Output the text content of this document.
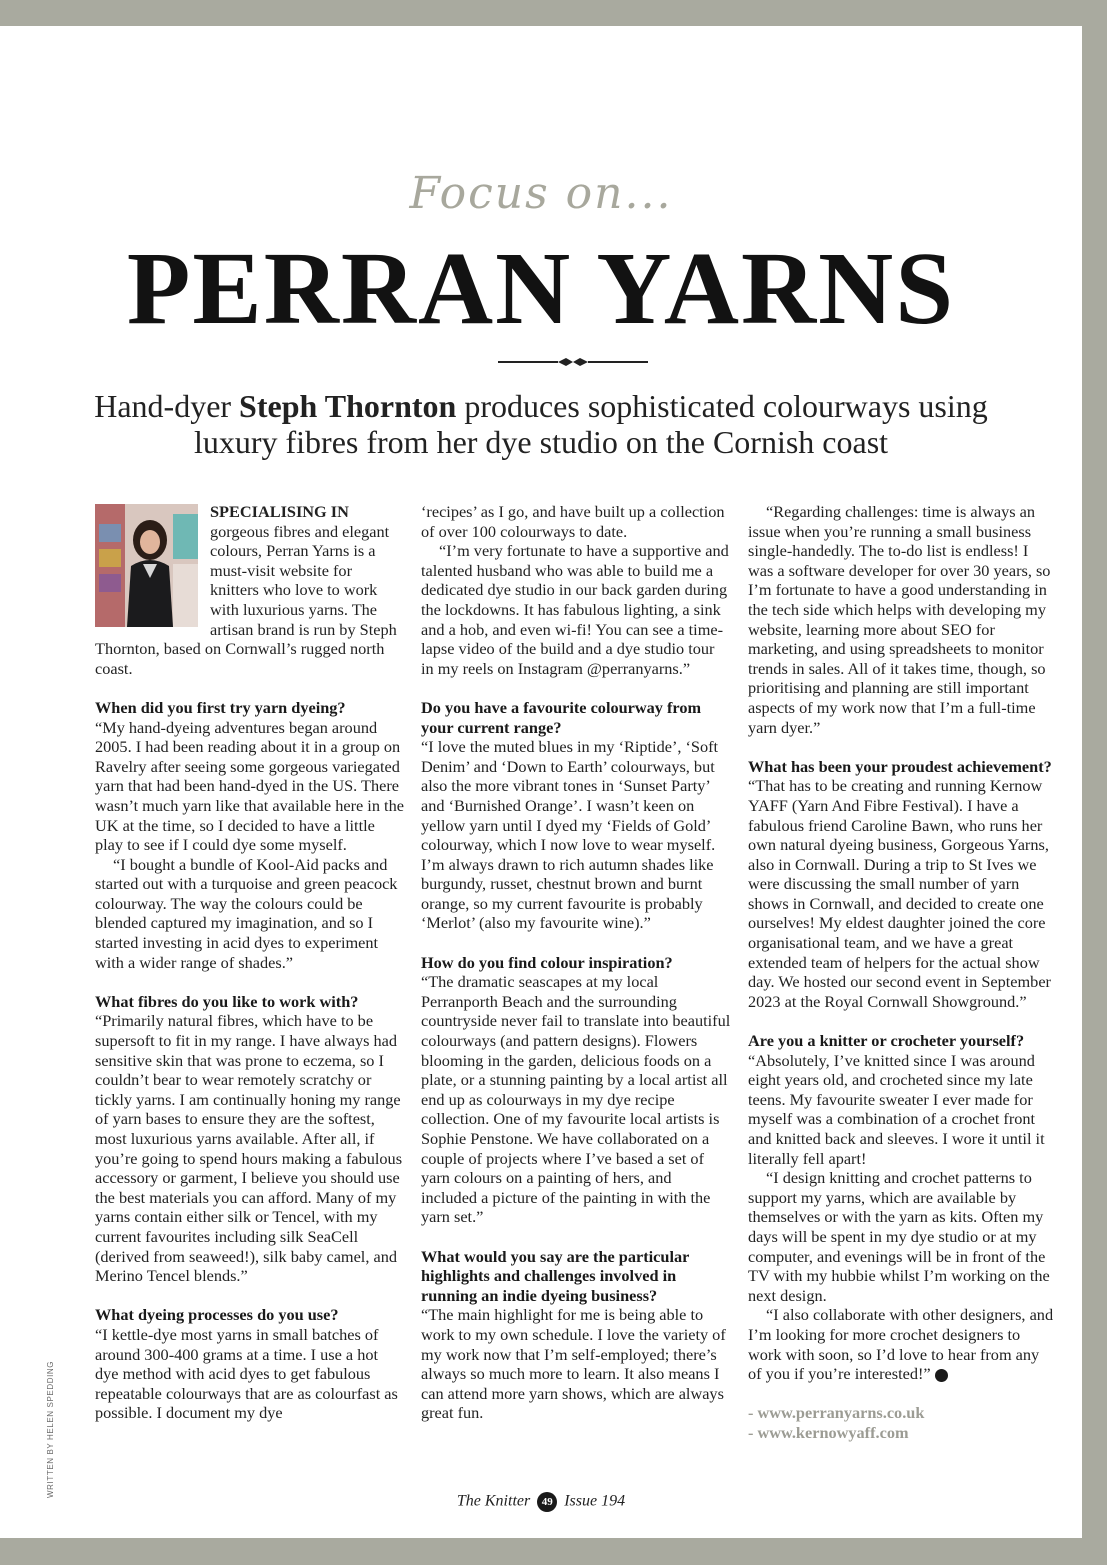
Focus on...
PERRAN YARNS
Hand-dyer Steph Thornton produces sophisticated colourways using luxury fibres from her dye studio on the Cornish coast

SPECIALISING IN gorgeous fibres and elegant colours, Perran Yarns is a must-visit website for knitters who love to work with luxurious yarns. The artisan brand is run by Steph Thornton, based on Cornwall’s rugged north coast.

When did you first try yarn dyeing?

“My hand-dyeing adventures began around 2005. I had been reading about it in a group on Ravelry after seeing some gorgeous variegated yarn that had been hand-dyed in the US. There wasn’t much yarn like that available here in the UK at the time, so I decided to have a little play to see if I could dye some myself.

“I bought a bundle of Kool-Aid packs and started out with a turquoise and green peacock colourway. The way the colours could be blended captured my imagination, and so I started investing in acid dyes to experiment with a wider range of shades.”

What fibres do you like to work with?

“Primarily natural fibres, which have to be supersoft to fit in my range. I have always had sensitive skin that was prone to eczema, so I couldn’t bear to wear remotely scratchy or tickly yarns. I am continually honing my range of yarn bases to ensure they are the softest, most luxurious yarns available. After all, if you’re going to spend hours making a fabulous accessory or garment, I believe you should use the best materials you can afford. Many of my yarns contain either silk or Tencel, with my current favourites including silk SeaCell (derived from seaweed!), silk baby camel, and Merino Tencel blends.”

What dyeing processes do you use?

“I kettle-dye most yarns in small batches of around 300-400 grams at a time. I use a hot dye method with acid dyes to get fabulous repeatable colourways that are as colourfast as possible. I document my dye

‘recipes’ as I go, and have built up a collection of over 100 colourways to date.

“I’m very fortunate to have a supportive and talented husband who was able to build me a dedicated dye studio in our back garden during the lockdowns. It has fabulous lighting, a sink and a hob, and even wi-fi! You can see a time-lapse video of the build and a dye studio tour in my reels on Instagram @perranyarns.”

Do you have a favourite colourway from your current range?

“I love the muted blues in my ‘Riptide’, ‘Soft Denim’ and ‘Down to Earth’ colourways, but also the more vibrant tones in ‘Sunset Party’ and ‘Burnished Orange’. I wasn’t keen on yellow yarn until I dyed my ‘Fields of Gold’ colourway, which I now love to wear myself. I’m always drawn to rich autumn shades like burgundy, russet, chestnut brown and burnt orange, so my current favourite is probably ‘Merlot’ (also my favourite wine).”

How do you find colour inspiration?

“The dramatic seascapes at my local Perranporth Beach and the surrounding countryside never fail to translate into beautiful colourways (and pattern designs). Flowers blooming in the garden, delicious foods on a plate, or a stunning painting by a local artist all end up as colourways in my dye recipe collection. One of my favourite local artists is Sophie Penstone. We have collaborated on a couple of projects where I’ve based a set of yarn colours on a painting of hers, and included a picture of the painting in with the yarn set.”

What would you say are the particular highlights and challenges involved in running an indie dyeing business?

“The main highlight for me is being able to work to my own schedule. I love the variety of my work now that I’m self-employed; there’s always so much more to learn. It also means I can attend more yarn shows, which are always great fun.

“Regarding challenges: time is always an issue when you’re running a small business single-handedly. The to-do list is endless! I was a software developer for over 30 years, so I’m fortunate to have a good understanding in the tech side which helps with developing my website, learning more about SEO for marketing, and using spreadsheets to monitor trends in sales. All of it takes time, though, so prioritising and planning are still important aspects of my work now that I’m a full-time yarn dyer.”

What has been your proudest achievement?

“That has to be creating and running Kernow YAFF (Yarn And Fibre Festival). I have a fabulous friend Caroline Bawn, who runs her own natural dyeing business, Gorgeous Yarns, also in Cornwall. During a trip to St Ives we were discussing the small number of yarn shows in Cornwall, and decided to create one ourselves! My eldest daughter joined the core organisational team, and we have a great extended team of helpers for the actual show day. We hosted our second event in September 2023 at the Royal Cornwall Showground.”

Are you a knitter or crocheter yourself?

“Absolutely, I’ve knitted since I was around eight years old, and crocheted since my late teens. My favourite sweater I ever made for myself was a combination of a crochet front and knitted back and sleeves. I wore it until it literally fell apart!

“I design knitting and crochet patterns to support my yarns, which are available by themselves or with the yarn as kits. Often my days will be spent in my dye studio or at my computer, and evenings will be in front of the TV with my hubbie whilst I’m working on the next design.

“I also collaborate with other designers, and I’m looking for more crochet designers to work with soon, so I’d love to hear from any of you if you’re interested!” ✣

- www.perranyarns.co.uk
- www.kernowyaff.com
WRITTEN BY HELEN SPEDDING
The Knitter 49 Issue 194
